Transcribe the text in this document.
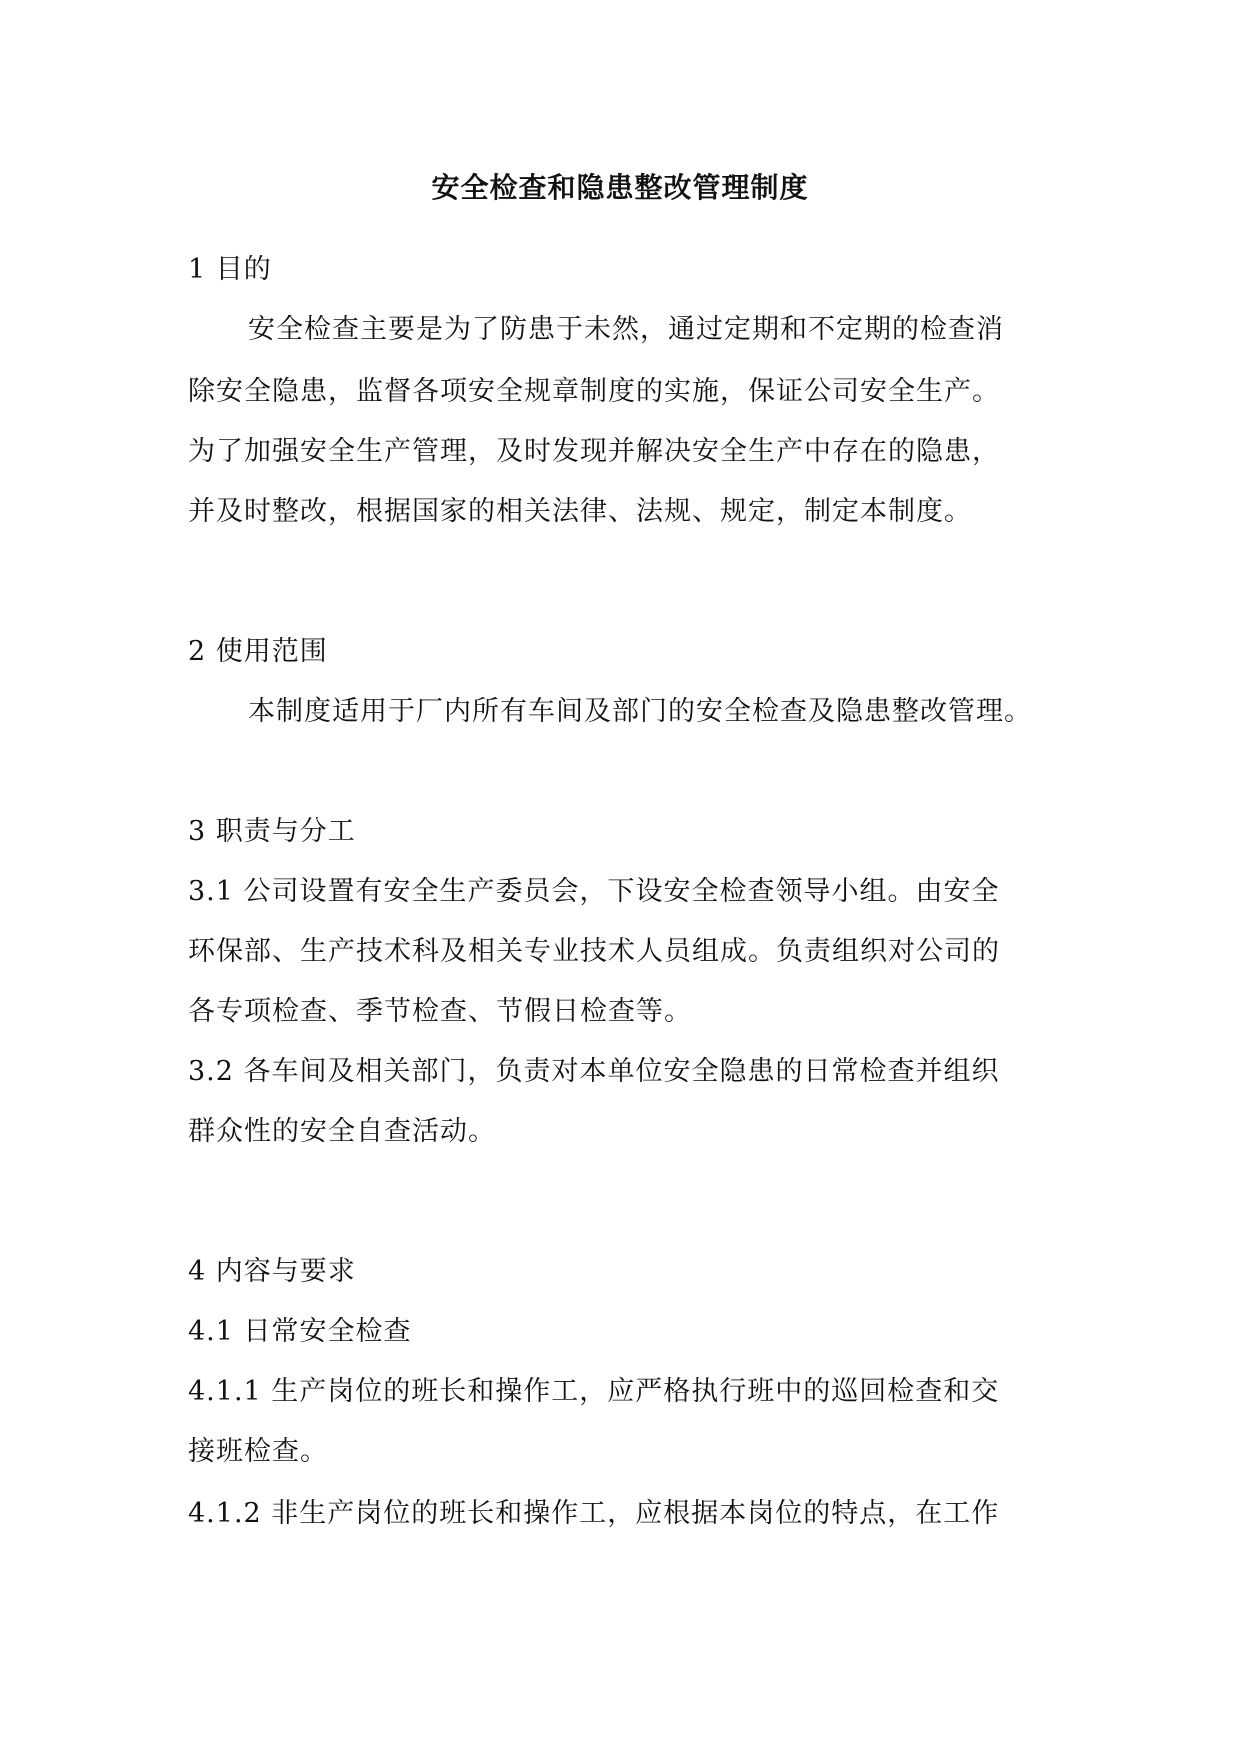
安全检查和隐患整改管理制度
1 目的
安全检查主要是为了防患于未然，通过定期和不定期的检查消
除安全隐患，监督各项安全规章制度的实施，保证公司安全生产。
为了加强安全生产管理，及时发现并解决安全生产中存在的隐患，
并及时整改，根据国家的相关法律、法规、规定，制定本制度。
2 使用范围
本制度适用于厂内所有车间及部门的安全检查及隐患整改管理。
3 职责与分工
3.1 公司设置有安全生产委员会，下设安全检查领导小组。由安全
环保部、生产技术科及相关专业技术人员组成。负责组织对公司的
各专项检查、季节检查、节假日检查等。
3.2 各车间及相关部门，负责对本单位安全隐患的日常检查并组织
群众性的安全自查活动。
4 内容与要求
4.1 日常安全检查
4.1.1 生产岗位的班长和操作工，应严格执行班中的巡回检查和交
接班检查。
4.1.2 非生产岗位的班长和操作工，应根据本岗位的特点，在工作
